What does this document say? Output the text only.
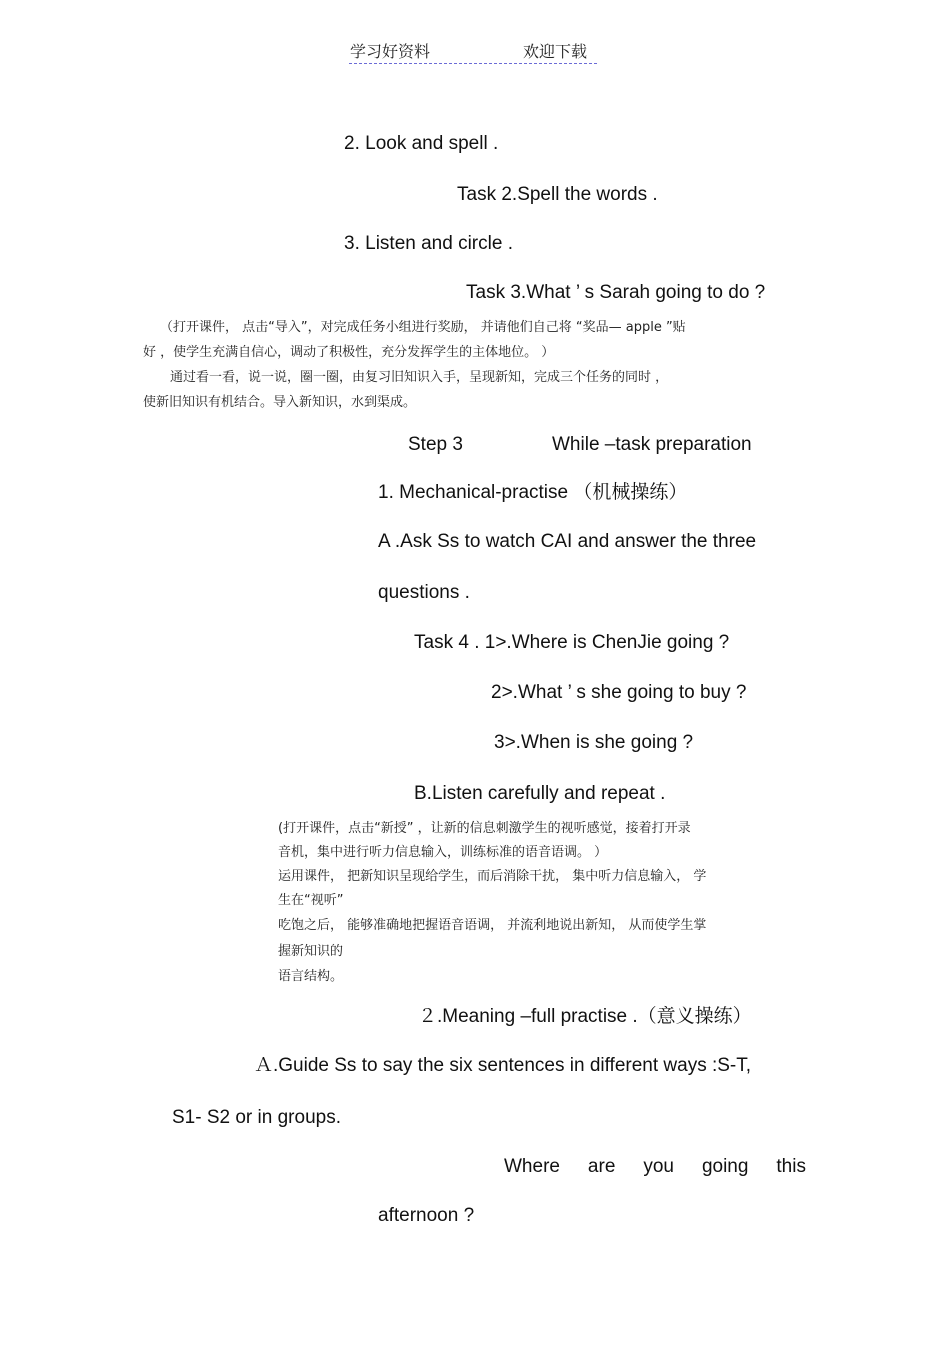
学习好资料	欢迎下载
2. Look and spell .
Task 2.Spell the words .
3. Listen and circle .
Task 3.What ’ s Sarah going to do ?
（打开课件， 点击“导入”，对完成任务小组进行奖励， 并请他们自己将 “奖品— apple ”贴
好 ，使学生充满自信心，调动了积极性，充分发挥学生的主体地位。 ）
通过看一看，说一说，圈一圈，由复习旧知识入手，呈现新知，完成三个任务的同时 ，
使新旧知识有机结合。导入新知识，水到渠成。
Step 3	While –task preparation
1. Mechanical-practise （机械操练）
A .Ask Ss to watch CAI and answer the three
questions .
Task 4 . 1>.Where is ChenJie going ?
2>.What ’ s she going to buy ?
3>.When is she going ?
B.Listen carefully and repeat .
(打开课件，点击“新授” ，让新的信息刺激学生的视听感觉，接着打开录
音机，集中进行听力信息输入，训练标准的语音语调。 ）
运用课件， 把新知识呈现给学生，而后消除干扰， 集中听力信息输入， 学
生在“视听”
吃饱之后， 能够准确地把握语音语调， 并流利地说出新知， 从而使学生掌
握新知识的
语言结构。
２.Meaning –full practise .（意义操练）
Ａ.Guide Ss to say the six sentences in different ways :S-T,
S1- S2 or in groups.
Where are you going this
afternoon ?
